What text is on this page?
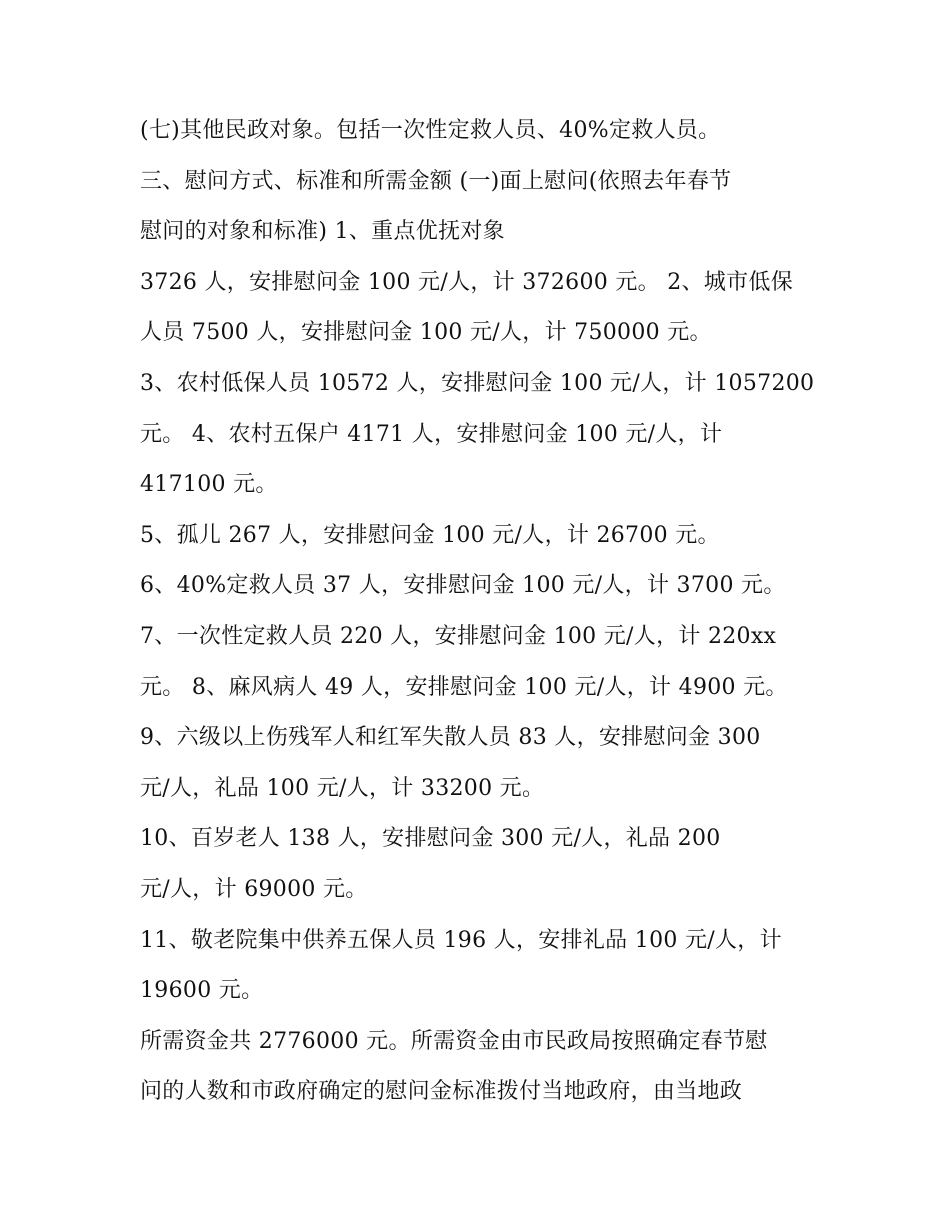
(七)其他民政对象。包括一次性定救人员、40%定救人员。
三、慰问方式、标准和所需金额 (一)面上慰问(依照去年春节
慰问的对象和标准) 1、重点优抚对象
3726 人，安排慰问金 100 元/人，计 372600 元。 2、城市低保
人员 7500 人，安排慰问金 100 元/人，计 750000 元。
3、农村低保人员 10572 人，安排慰问金 100 元/人，计 1057200
元。 4、农村五保户 4171 人，安排慰问金 100 元/人，计
417100 元。
5、孤儿 267 人，安排慰问金 100 元/人，计 26700 元。
6、40%定救人员 37 人，安排慰问金 100 元/人，计 3700 元。
7、一次性定救人员 220 人，安排慰问金 100 元/人，计 220xx
元。 8、麻风病人 49 人，安排慰问金 100 元/人，计 4900 元。
9、六级以上伤残军人和红军失散人员 83 人，安排慰问金 300
元/人，礼品 100 元/人，计 33200 元。
10、百岁老人 138 人，安排慰问金 300 元/人，礼品 200
元/人，计 69000 元。
11、敬老院集中供养五保人员 196 人，安排礼品 100 元/人，计
19600 元。
所需资金共 2776000 元。所需资金由市民政局按照确定春节慰
问的人数和市政府确定的慰问金标准拨付当地政府，由当地政
